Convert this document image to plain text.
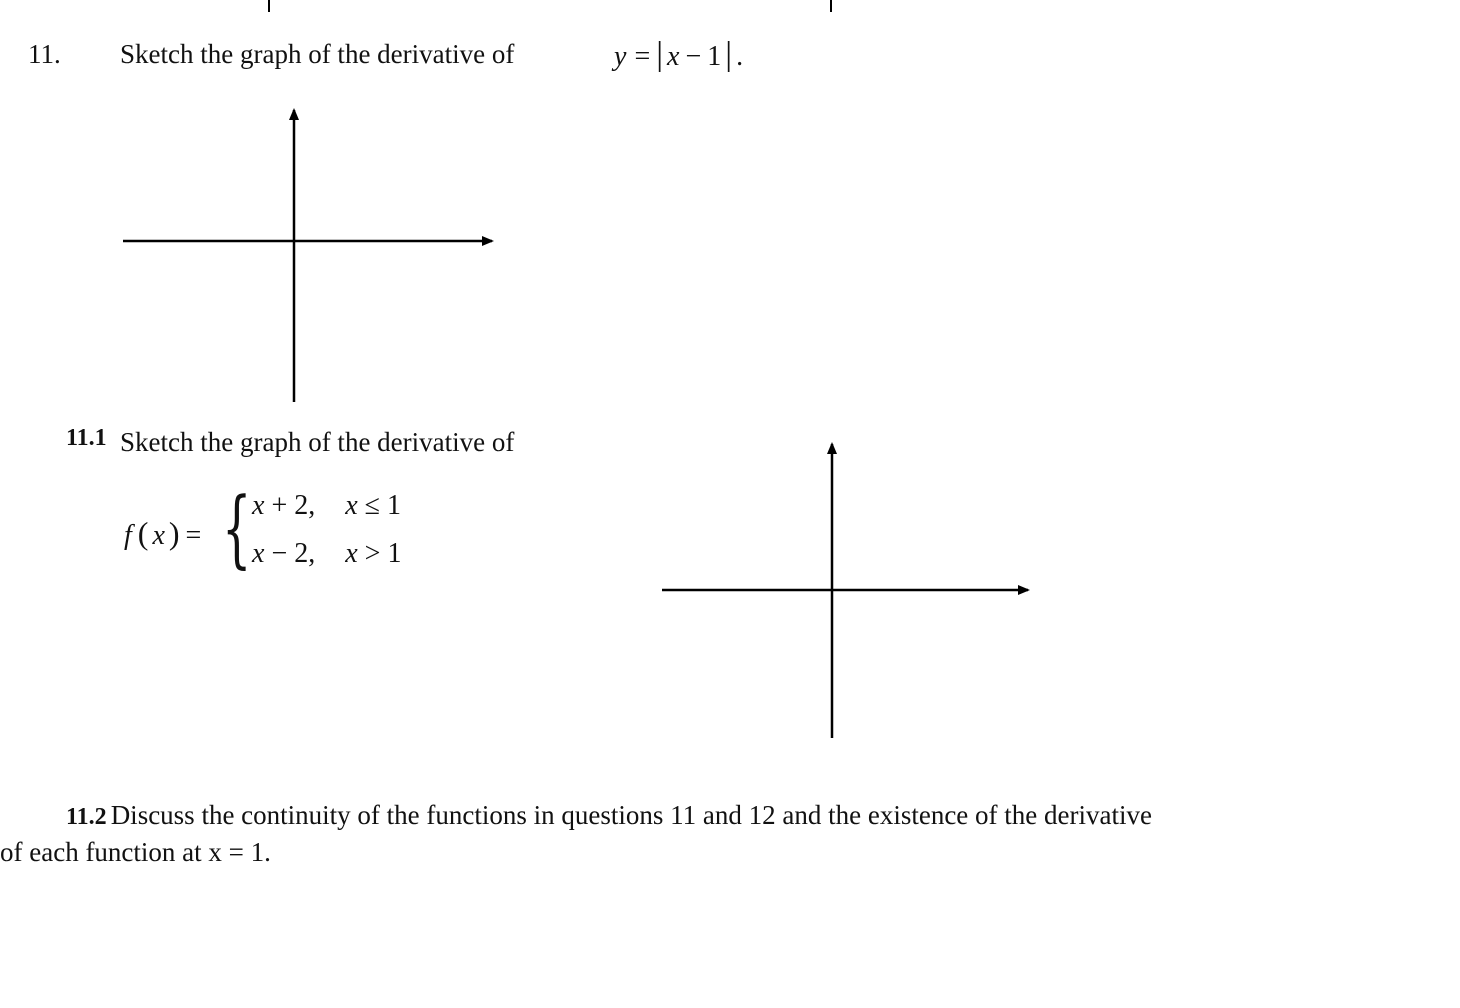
11. Sketch the graph of the derivative of	y = | x − 1 | .
11.1 Sketch the graph of the derivative of
f ( x ) = { x + 2, x ≤ 1
x − 2, x > 1
11.2 Discuss the continuity of the functions in questions 11 and 12 and the existence of the derivative
of each function at x = 1.
